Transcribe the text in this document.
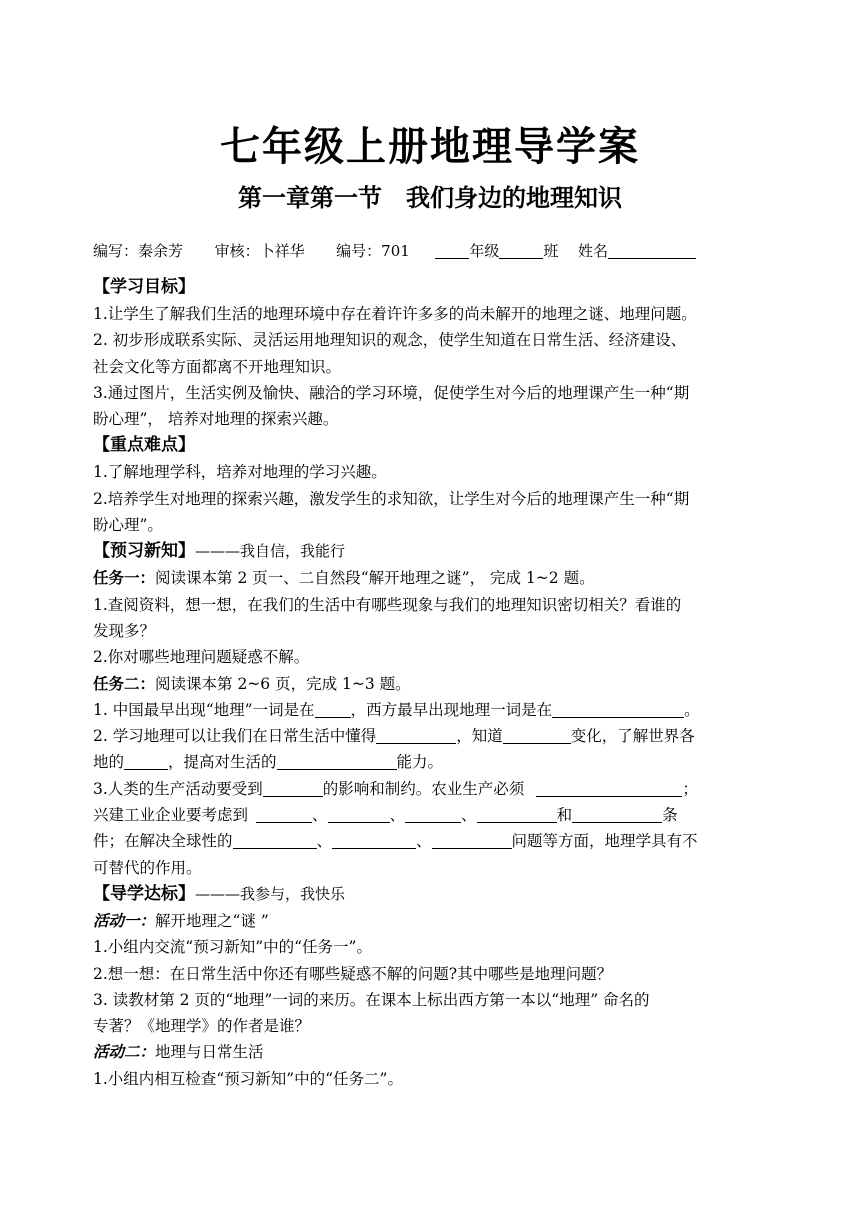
七年级上册地理导学案
第一章第一节 我们身边的地理知识
编写：秦余芳 审核：卜祥华 编号：701	年级	班 姓名
【学习目标】
1.让学生了解我们生活的地理环境中存在着许许多多的尚未解开的地理之谜、地理问题。
2. 初步形成联系实际、灵活运用地理知识的观念，使学生知道在日常生活、经济建设、
社会文化等方面都离不开地理知识。
3.通过图片，生活实例及愉快、融洽的学习环境，促使学生对今后的地理课产生一种“期
盼心理”， 培养对地理的探索兴趣。
【重点难点】
1.了解地理学科，培养对地理的学习兴趣。
2.培养学生对地理的探索兴趣，激发学生的求知欲，让学生对今后的地理课产生一种“期
盼心理”。
【预习新知】———我自信，我能行
任务一：阅读课本第 2 页一、二自然段“解开地理之谜”， 完成 1~2 题。
1.查阅资料，想一想，在我们的生活中有哪些现象与我们的地理知识密切相关？看谁的
发现多？
2.你对哪些地理问题疑惑不解。
任务二：阅读课本第 2~6 页，完成 1~3 题。
1. 中国最早出现“地理”一词是在 ，西方最早出现地理一词是在	。
2. 学习地理可以让我们在日常生活中懂得	，知道	变化，了解世界各
地的	，提高对生活的	能力。
3.人类的生产活动要受到	的影响和制约。农业生产必须	；
兴建工业企业要考虑到	、	、	、	和	条
件；在解决全球性的	、	、	问题等方面，地理学具有不
可替代的作用。
【导学达标】———我参与，我快乐
活动一：解开地理之“谜 ”
1.小组内交流“预习新知”中的“任务一”。
2.想一想：在日常生活中你还有哪些疑惑不解的问题?其中哪些是地理问题？
3. 读教材第 2 页的“地理”一词的来历。在课本上标出西方第一本以“地理” 命名的
专著？《地理学》的作者是谁？
活动二：地理与日常生活
1.小组内相互检查“预习新知”中的“任务二”。
